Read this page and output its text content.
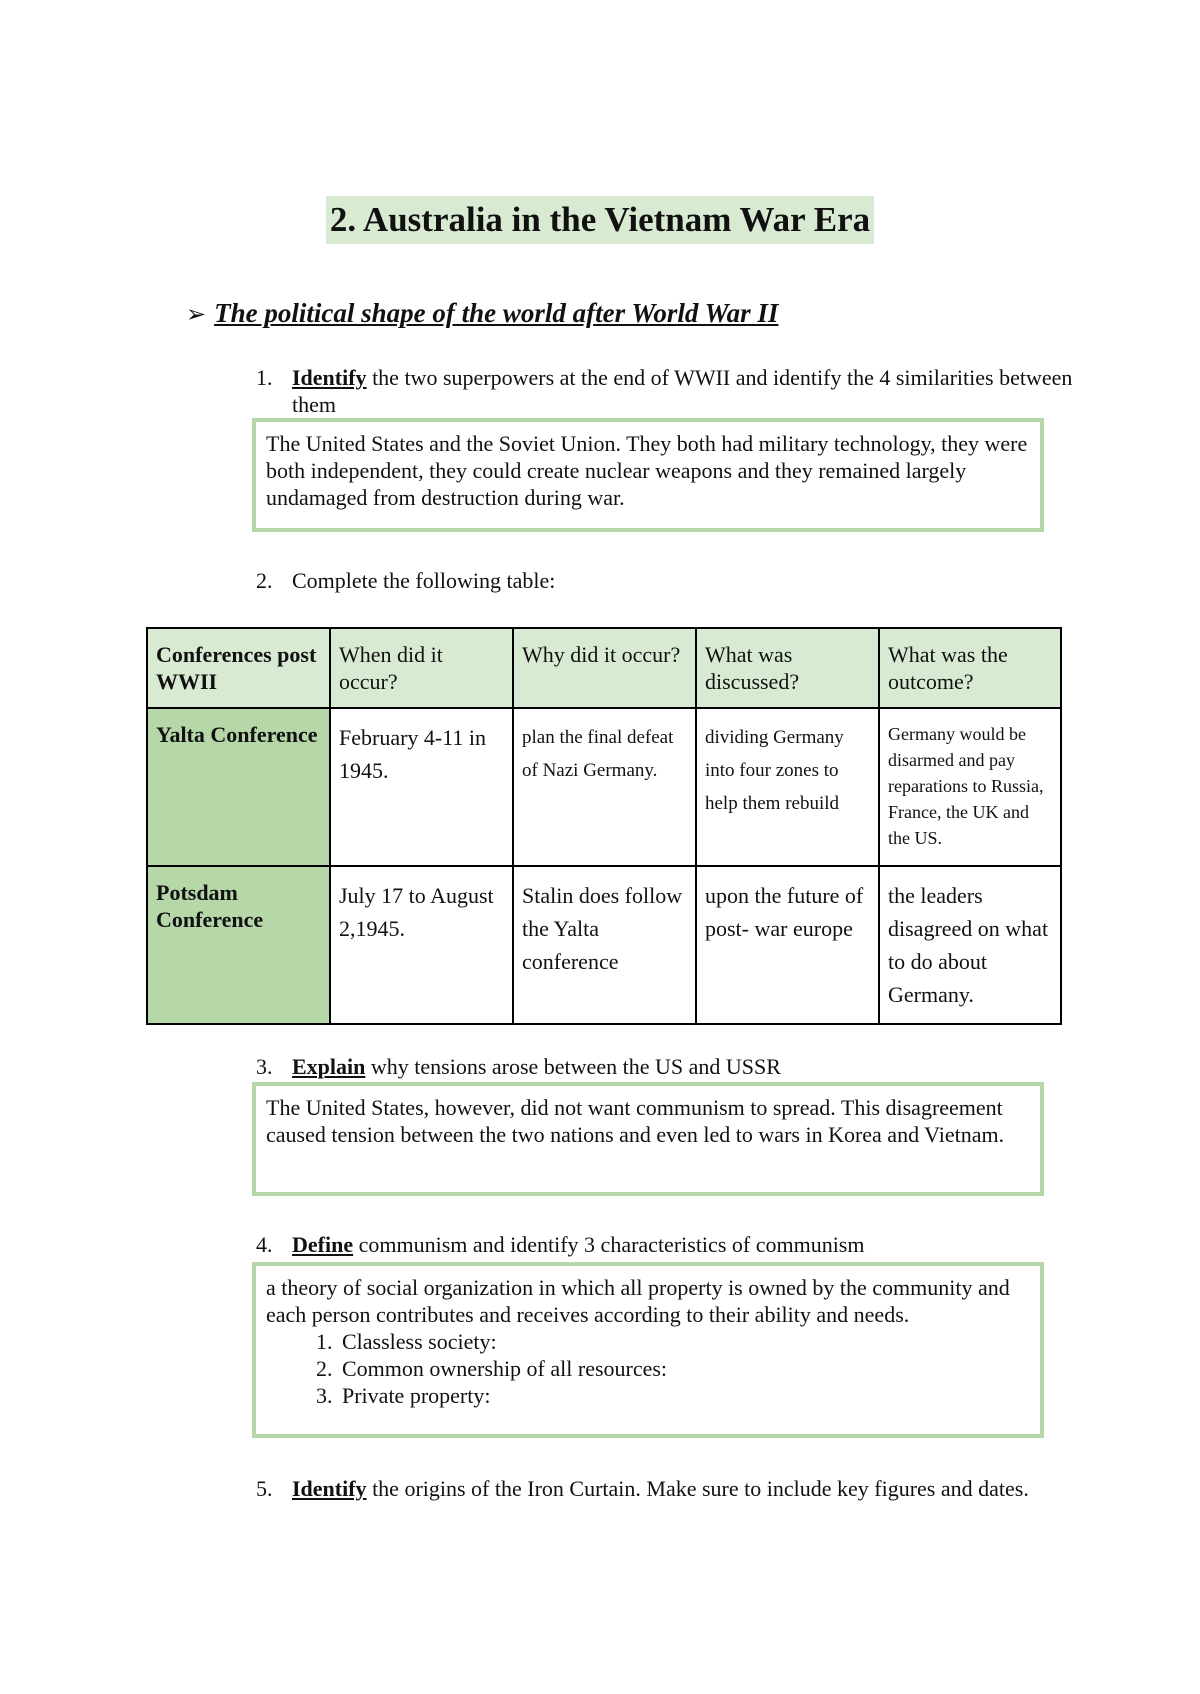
2. Australia in the Vietnam War Era
➢ The political shape of the world after World War II
1. Identify the two superpowers at the end of WWII and identify the 4 similarities between them
The United States and the Soviet Union. They both had military technology, they were both independent, they could create nuclear weapons and they remained largely undamaged from destruction during war.
2. Complete the following table:
Conferences post WWII	When did it occur?	Why did it occur?	What was discussed?	What was the outcome?
Yalta Conference	February 4-11 in 1945.	plan the final defeat of Nazi Germany.	dividing Germany into four zones to help them rebuild	Germany would be disarmed and pay reparations to Russia, France, the UK and the US.
Potsdam Conference	July 17 to August 2,1945.	Stalin does follow the Yalta conference	upon the future of post- war europe	the leaders disagreed on what to do about Germany.
3. Explain why tensions arose between the US and USSR
The United States, however, did not want communism to spread. This disagreement caused tension between the two nations and even led to wars in Korea and Vietnam.
4. Define communism and identify 3 characteristics of communism
a theory of social organization in which all property is owned by the community and each person contributes and receives according to their ability and needs.
1. Classless society:
2. Common ownership of all resources:
3. Private property:
5. Identify the origins of the Iron Curtain. Make sure to include key figures and dates.
